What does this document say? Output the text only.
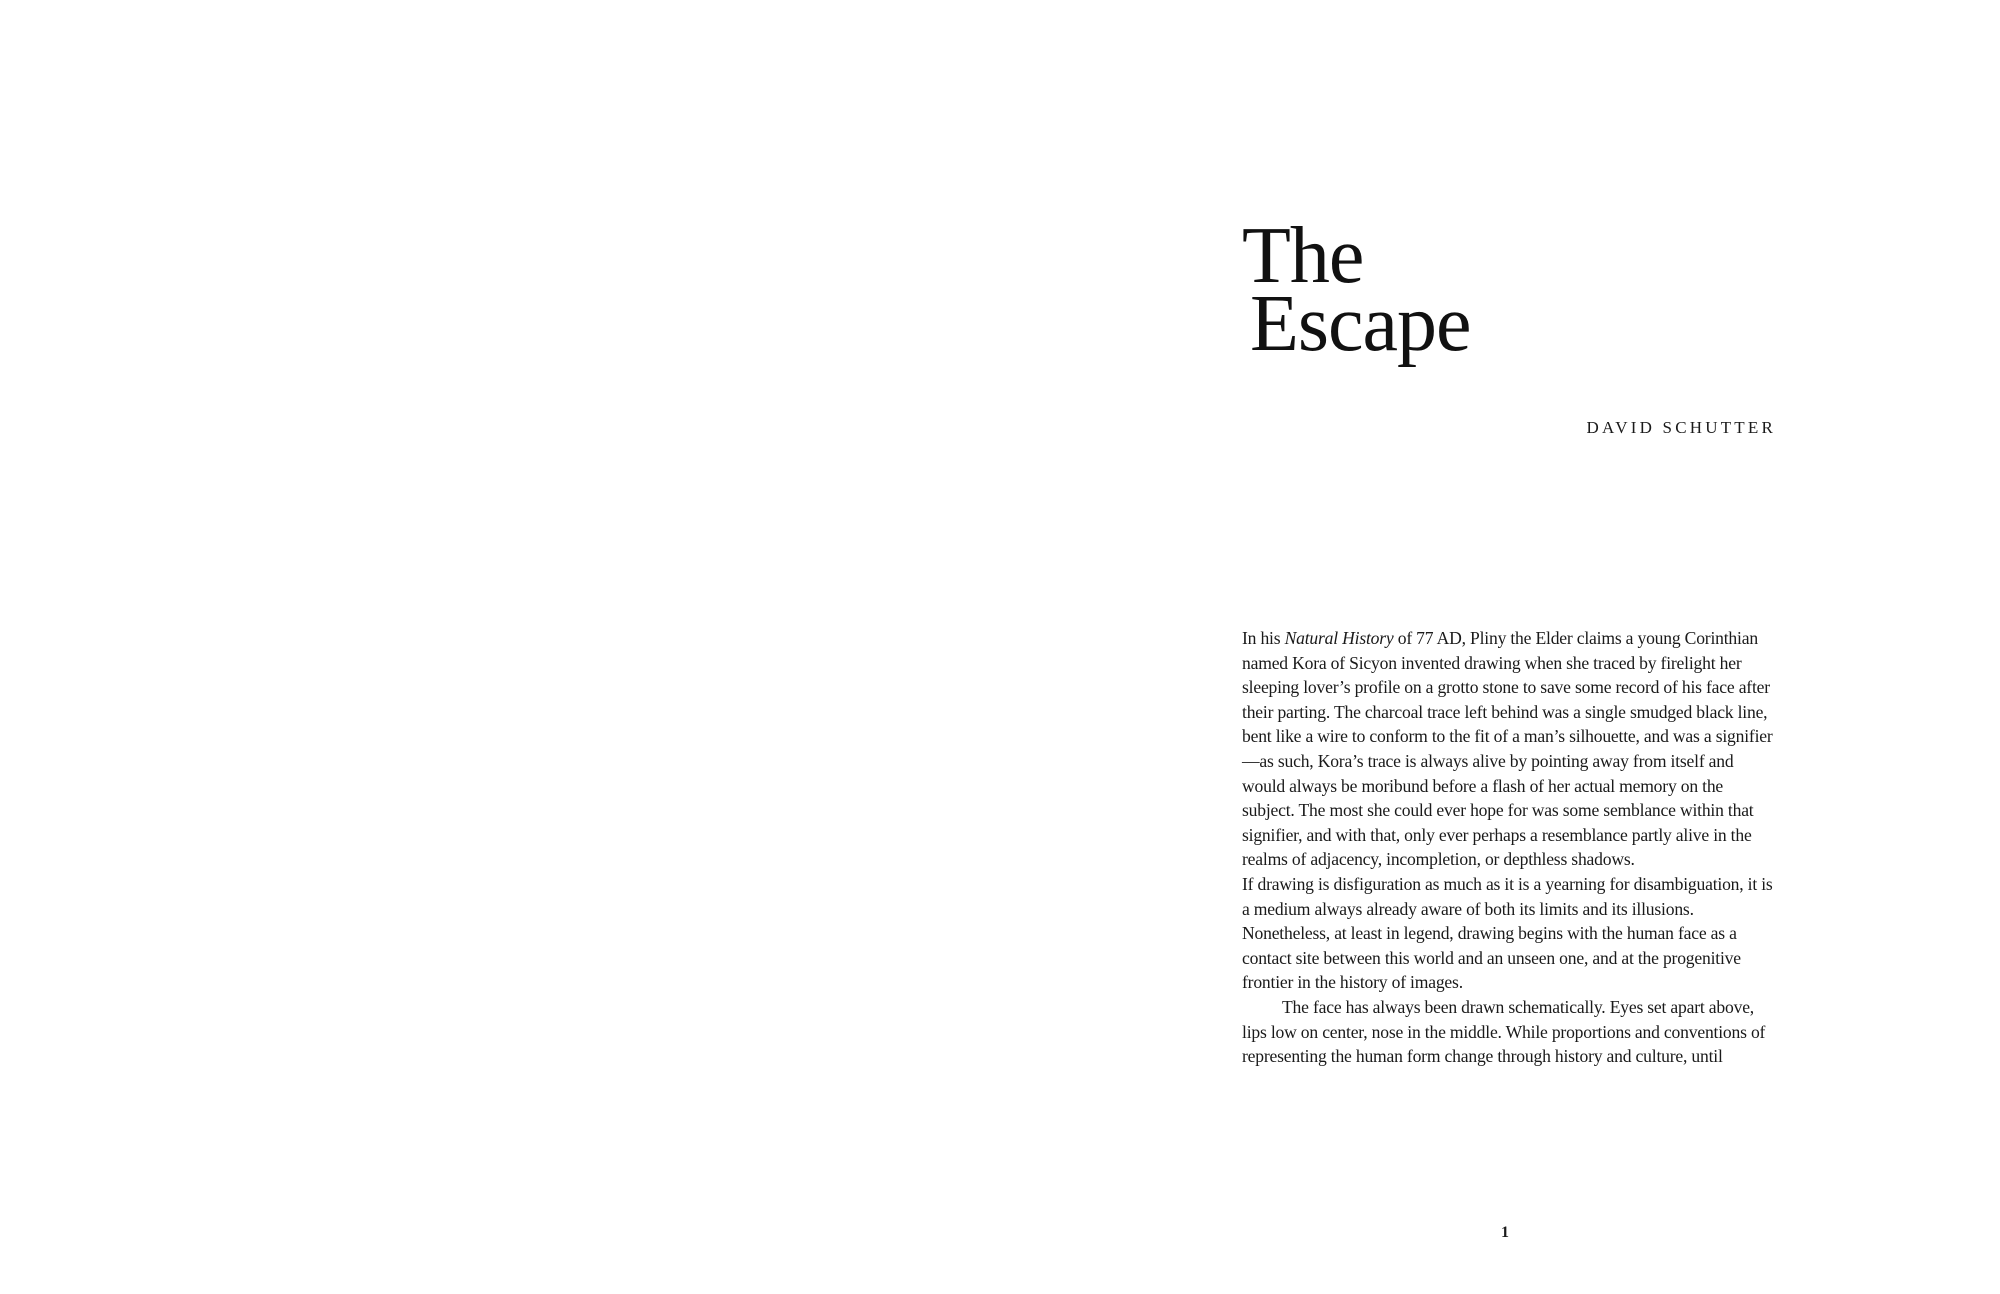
The
Escape
DAVID SCHUTTER

In his Natural History of 77 AD, Pliny the Elder claims a young Corinthian named Kora of Sicyon invented drawing when she traced by firelight her sleeping lover’s profile on a grotto stone to save some record of his face after their parting. The charcoal trace left behind was a single smudged black line, bent like a wire to conform to the fit of a man’s silhouette, and was a signifier—as such, Kora’s trace is always alive by pointing away from itself and would always be moribund before a flash of her actual memory on the subject. The most she could ever hope for was some semblance within that signifier, and with that, only ever perhaps a resemblance partly alive in the realms of adjacency, incompletion, or depthless shadows.

If drawing is disfiguration as much as it is a yearning for disambiguation, it is a medium always already aware of both its limits and its illusions. Nonetheless, at least in legend, drawing begins with the human face as a contact site between this world and an unseen one, and at the progenitive frontier in the history of images.

The face has always been drawn schematically. Eyes set apart above, lips low on center, nose in the middle. While proportions and conventions of representing the human form change through history and culture, until

1
